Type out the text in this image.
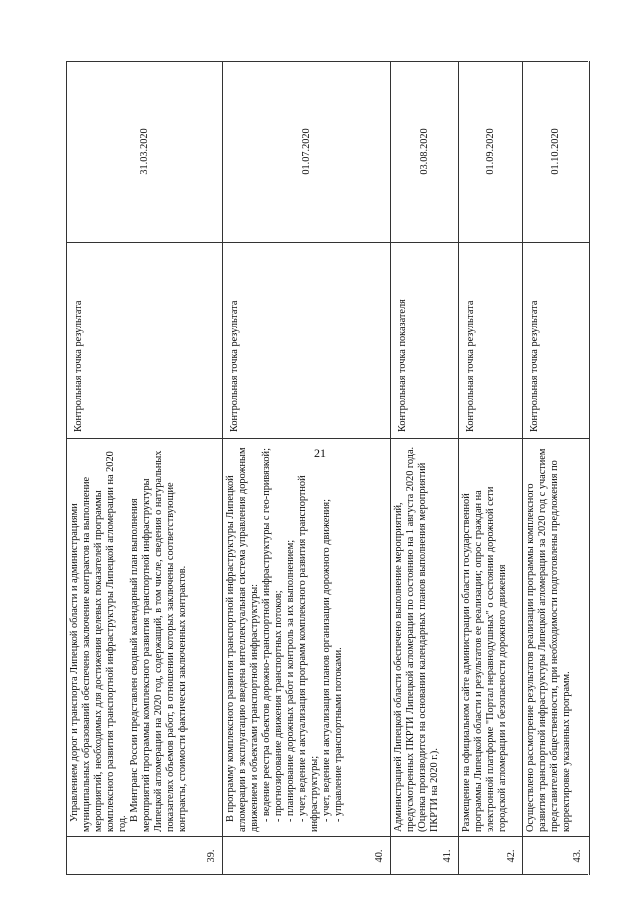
21
39.

Управлением дорог и транспорта Липецкой области и администрациями муниципальных образований обеспечено заключение контрактов на выполнение мероприятий, необходимых для достижения целевых показателей программы комплексного развития транспортной инфраструктуры Липецкой агломерации на 2020 год.

В Минтранс России представлен сводный календарный план выполнения мероприятий программы комплексного развития транспортной инфраструктуры Липецкой агломерации на 2020 год, содержащий, в том числе, сведения о натуральных показателях объемов работ, в отношении которых заключены соответствующие контракты, стоимости фактически заключенных контрактов.

Контрольная точка результата
31.03.2020
40.

В программу комплексного развития транспортной инфраструктуры Липецкой агломерации в эксплуатацию введена интеллектуальная система управления дорожным движением и объектами транспортной инфраструктуры: - ведение реестра объектов дорожно-транспортной инфраструктуры с гео-привязкой; - прогнозирование движения транспортных потоков; - планирование дорожных работ и контроль за их выполнением; - учет, ведение и актуализация программ комплексного развития транспортной инфраструктуры; - учет, ведение и актуализация планов организации дорожного движения; - управление транспортными потоками.

Контрольная точка результата
01.07.2020
41.

Администрацией Липецкой области обеспечено выполнение мероприятий, предусмотренных ПКРТИ Липецкой агломерации по состоянию на 1 августа 2020 года. (Оценка производится на основании календарных планов выполнения мероприятий ПКРТИ на 2020 г.).

Контрольная точка показателя
03.08.2020
42.

Размещение на официальном сайте администрации области государственной программы Липецкой области и результатов ее реализации; опрос граждан на электронной платформе "Портал неравнодушных" о состоянии дорожной сети городской агломерации и безопасности дорожного движения

Контрольная точка результата
01.09.2020
43.

Осуществлено рассмотрение результатов реализации программы комплексного развития транспортной инфраструктуры Липецкой агломерации за 2020 год с участием представителей общественности, при необходимости подготовлены предложения по корректировке указанных программ.

Контрольная точка результата
01.10.2020
